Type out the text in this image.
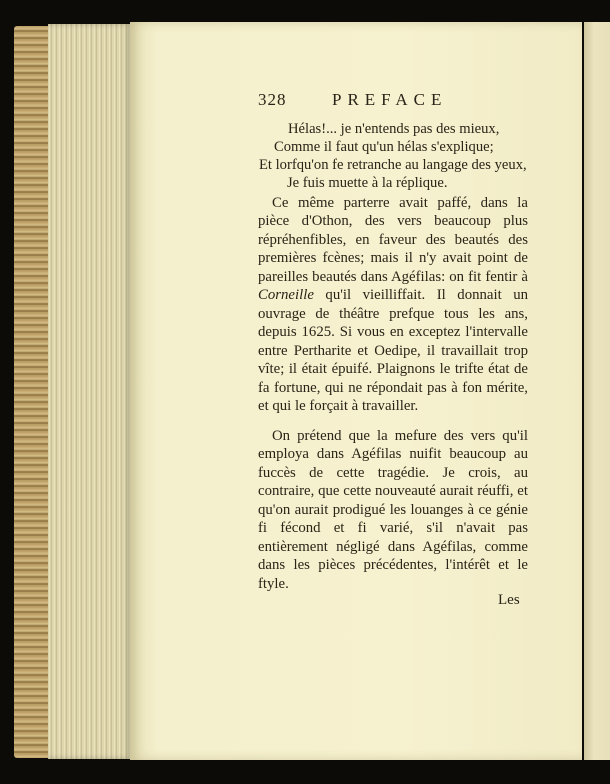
328	PREFACE
Hélas!... je n'entends pas des mieux,
Comme il faut qu'un hélas s'explique;
Et lorfqu'on fe retranche au langage des yeux,
Je fuis muette à la réplique.

Ce même parterre avait paffé, dans la pièce d'Othon, des vers beaucoup plus répréhenfibles, en faveur des beautés des premières fcènes; mais il n'y avait point de pareilles beautés dans Agéfilas: on fit fentir à Corneille qu'il vieilliffait. Il donnait un ouvrage de théâtre prefque tous les ans, depuis 1625. Si vous en exceptez l'intervalle entre Pertharite et Oedipe, il travaillait trop vîte; il était épuifé. Plaignons le trifte état de fa fortune, qui ne répondait pas à fon mérite, et qui le forçait à travailler.

On prétend que la mefure des vers qu'il employa dans Agéfilas nuifit beaucoup au fuccès de cette tragédie. Je crois, au contraire, que cette nouveauté aurait réuffi, et qu'on aurait prodigué les louanges à ce génie fi fécond et fi varié, s'il n'avait pas entièrement négligé dans Agéfilas, comme dans les pièces précédentes, l'intérêt et le ftyle.

Les
